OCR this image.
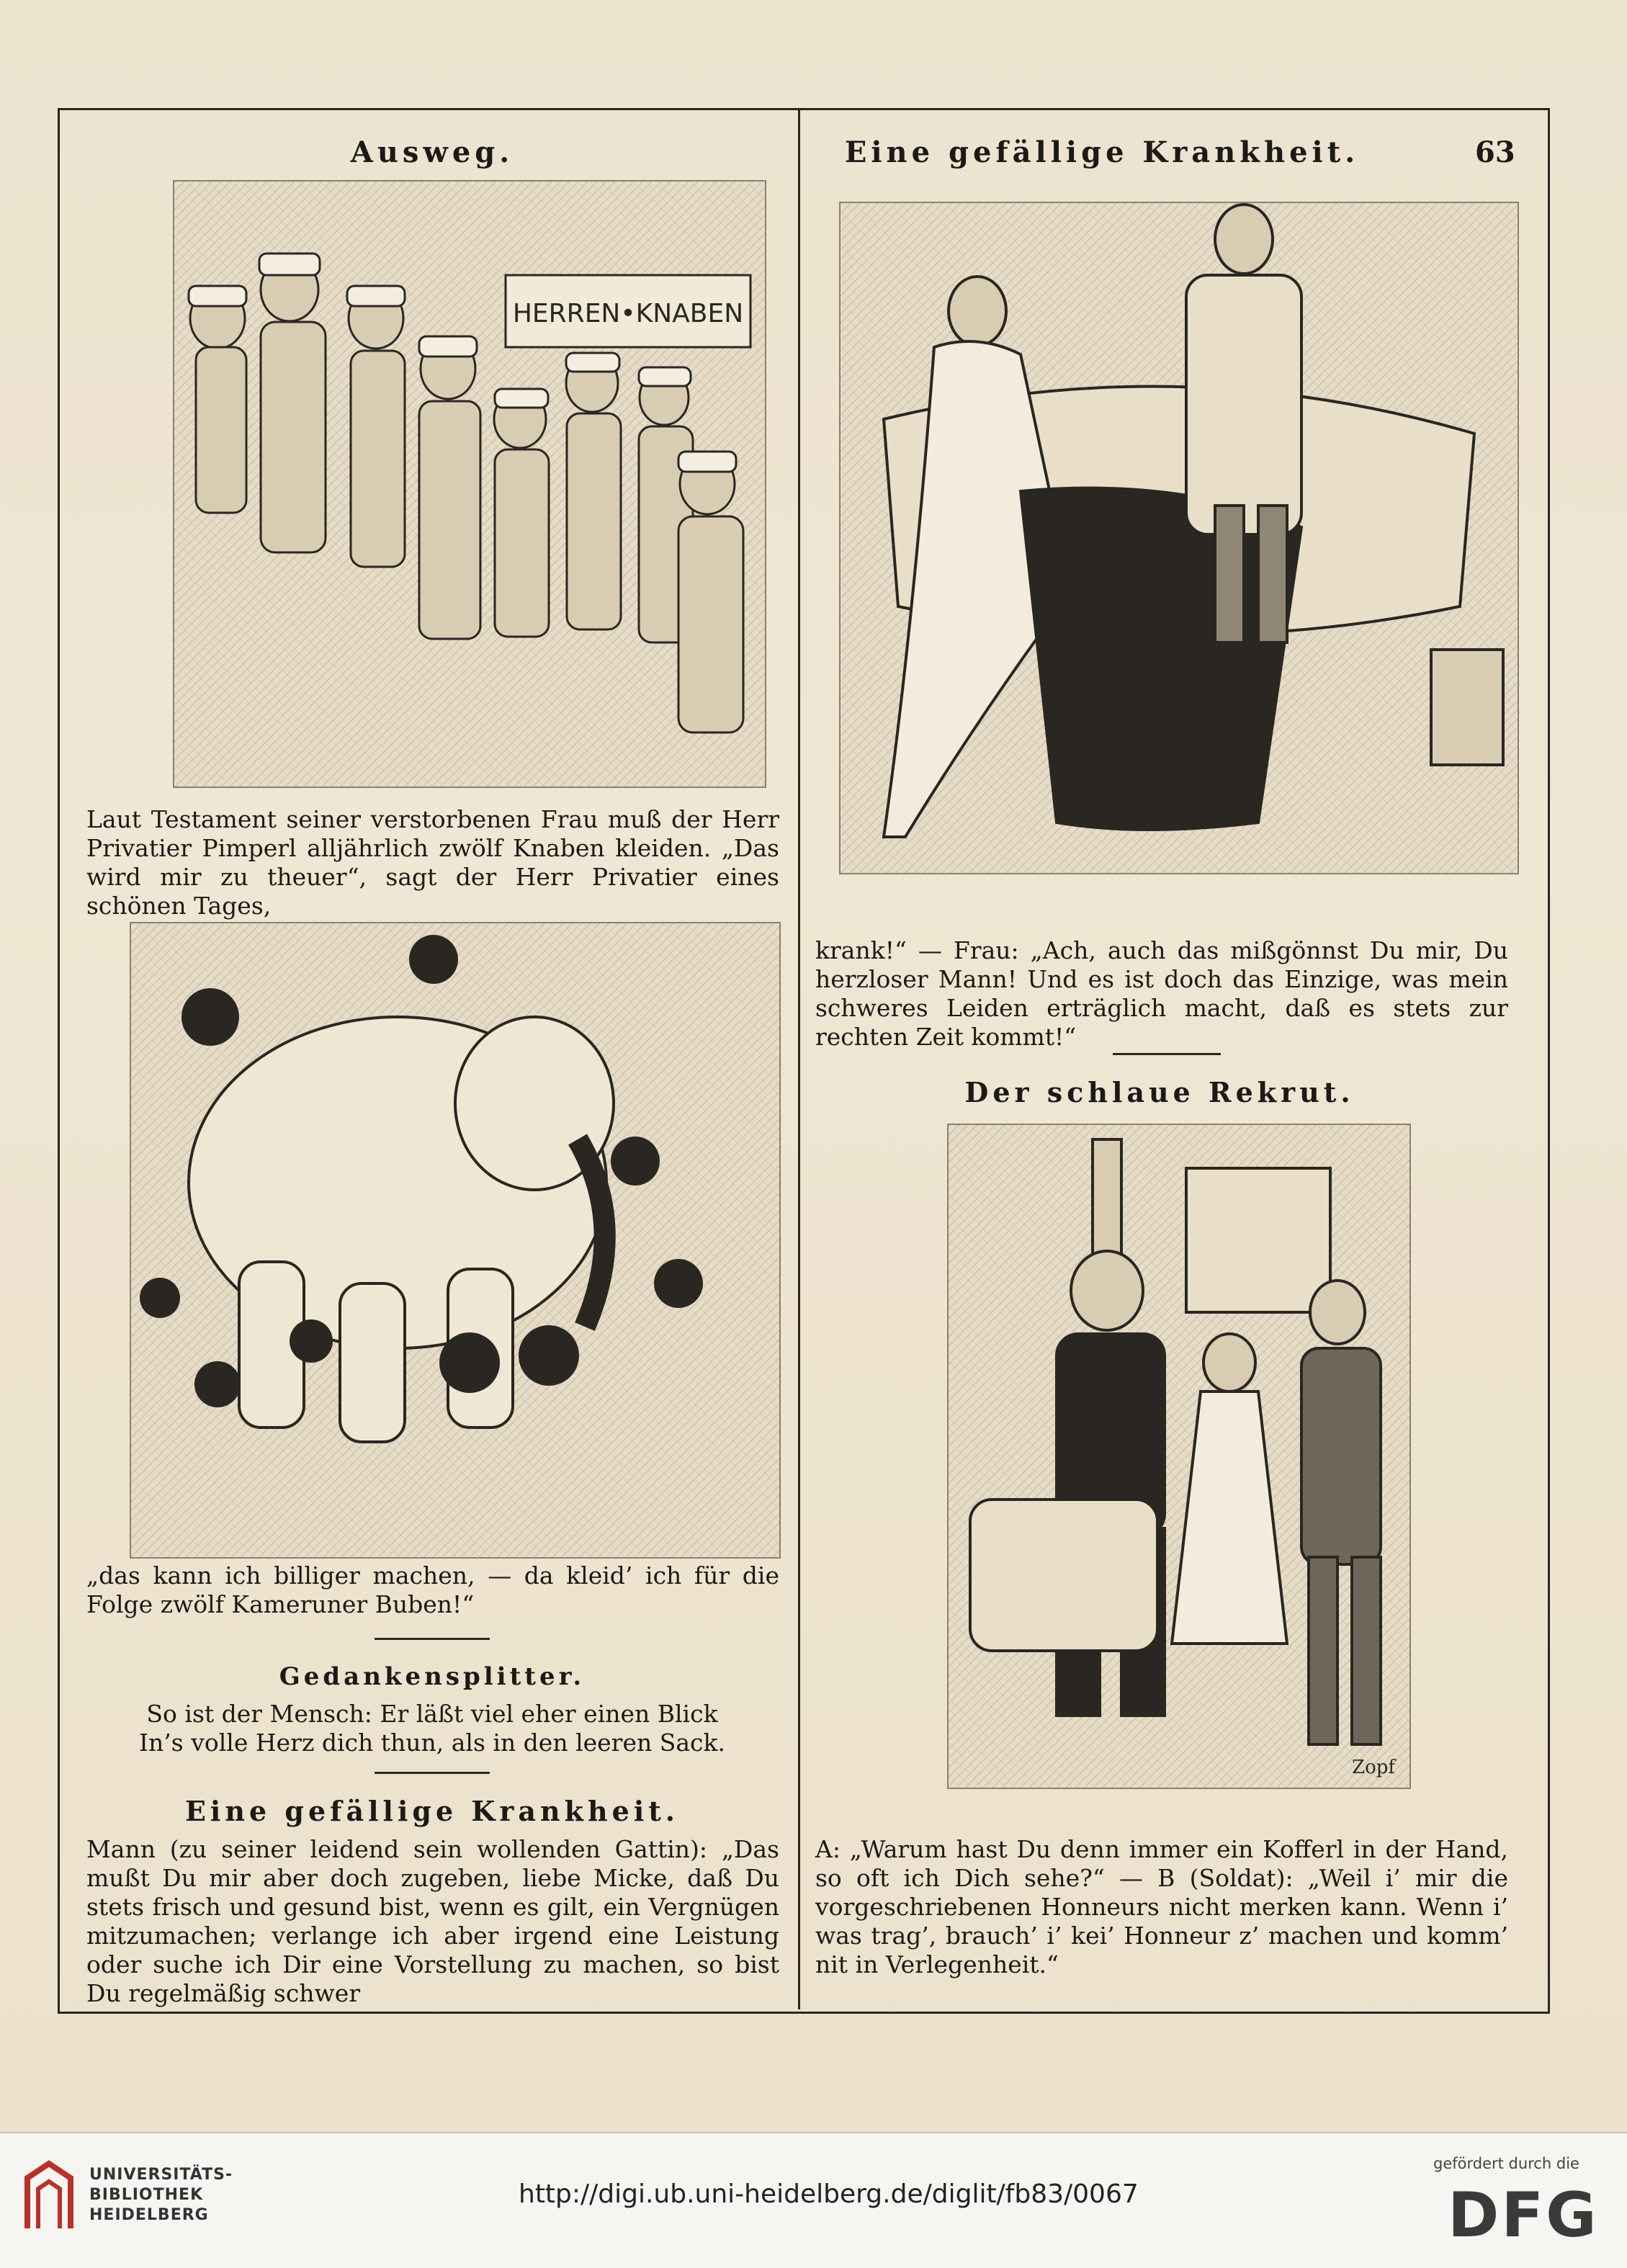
Ausweg.
HERREN•KNABEN
Laut Testament seiner verstorbenen Frau muß der Herr Privatier Pimperl alljährlich zwölf Knaben kleiden. „Das wird mir zu theuer“, sagt der Herr Privatier eines schönen Tages,
„das kann ich billiger machen, — da kleid’ ich für die Folge zwölf Kameruner Buben!“
Gedankensplitter.
So ist der Mensch: Er läßt viel eher einen Blick
In’s volle Herz dich thun, als in den leeren Sack.
Eine gefällige Krankheit.
Mann (zu seiner leidend sein wollenden Gattin): „Das mußt Du mir aber doch zugeben, liebe Micke, daß Du stets frisch und gesund bist, wenn es gilt, ein Vergnügen mitzumachen; verlange ich aber irgend eine Leistung oder suche ich Dir eine Vorstellung zu machen, so bist Du regelmäßig schwer
Eine gefällige Krankheit.	63
krank!“ — Frau: „Ach, auch das mißgönnst Du mir, Du herzloser Mann! Und es ist doch das Einzige, was mein schweres Leiden erträglich macht, daß es stets zur rechten Zeit kommt!“
Der schlaue Rekrut.
Zopf
A: „Warum hast Du denn immer ein Kofferl in der Hand, so oft ich Dich sehe?“ — B (Soldat): „Weil i’ mir die vorgeschriebenen Honneurs nicht merken kann. Wenn i’ was trag’, brauch’ i’ kei’ Honneur z’ machen und komm’ nit in Verlegenheit.“
UNIVERSITÄTS-
BIBLIOTHEK
HEIDELBERG
http://digi.ub.uni-heidelberg.de/diglit/fb83/0067
gefördert durch die
DFG
